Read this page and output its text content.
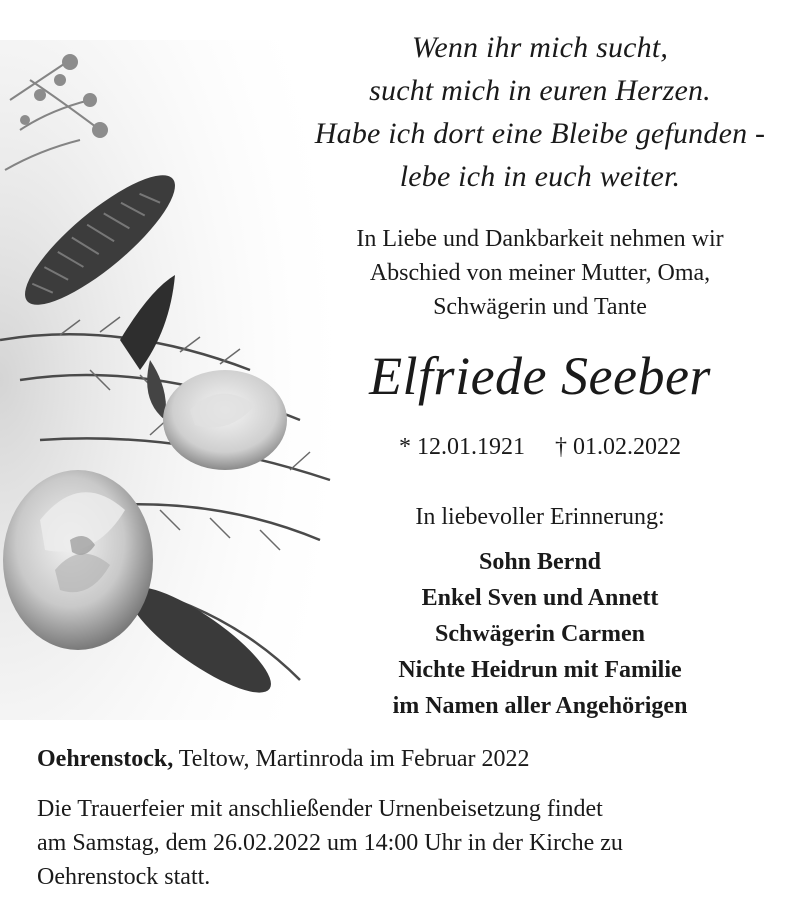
Wenn ihr mich sucht,
sucht mich in euren Herzen.
Habe ich dort eine Bleibe gefunden -
lebe ich in euch weiter.
In Liebe und Dankbarkeit nehmen wir
Abschied von meiner Mutter, Oma,
Schwägerin und Tante
Elfriede Seeber
* 12.01.1921 † 01.02.2022
In liebevoller Erinnerung:
Sohn Bernd
Enkel Sven und Annett
Schwägerin Carmen
Nichte Heidrun mit Familie
im Namen aller Angehörigen
Oehrenstock, Teltow, Martinroda im Februar 2022
Die Trauerfeier mit anschließender Urnenbeisetzung findet
am Samstag, dem 26.02.2022 um 14:00 Uhr in der Kirche zu
Oehrenstock statt.
